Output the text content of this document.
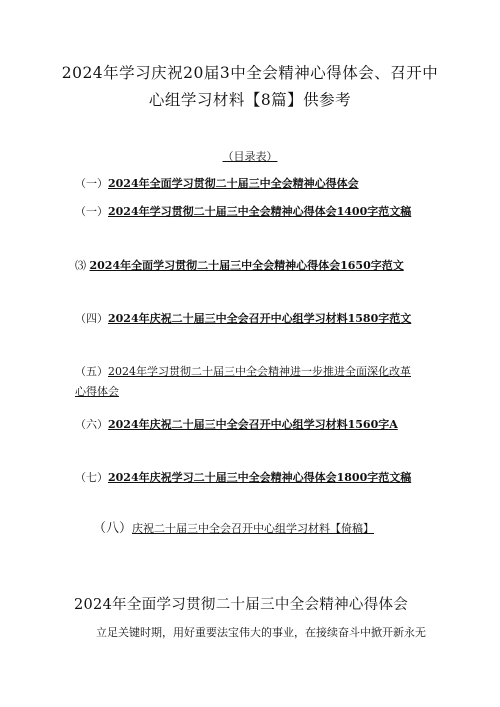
2024年学习庆祝20届3中全会精神心得体会、召开中心组学习材料【8篇】供参考
（目录表）
（一）2024年全面学习贯彻二十届三中全会精神心得体会
（一）2024年学习贯彻二十届三中全会精神心得体会1400字范文稿
⑶ 2024年全面学习贯彻二十届三中全会精神心得体会1650字范文
（四）2024年庆祝二十届三中全会召开中心组学习材料1580字范文
（五）2024年学习贯彻二十届三中全会精神进一步推进全面深化改革心得体会
（六）2024年庆祝二十届三中全会召开中心组学习材料1560字A
（七）2024年庆祝学习二十届三中全会精神心得体会1800字范文稿
（八）庆祝二十届三中全会召开中心组学习材料【倚稿】
2024年全面学习贯彻二十届三中全会精神心得体会

立足关键时期，用好重要法宝伟大的事业，在接续奋斗中掀开新永无
